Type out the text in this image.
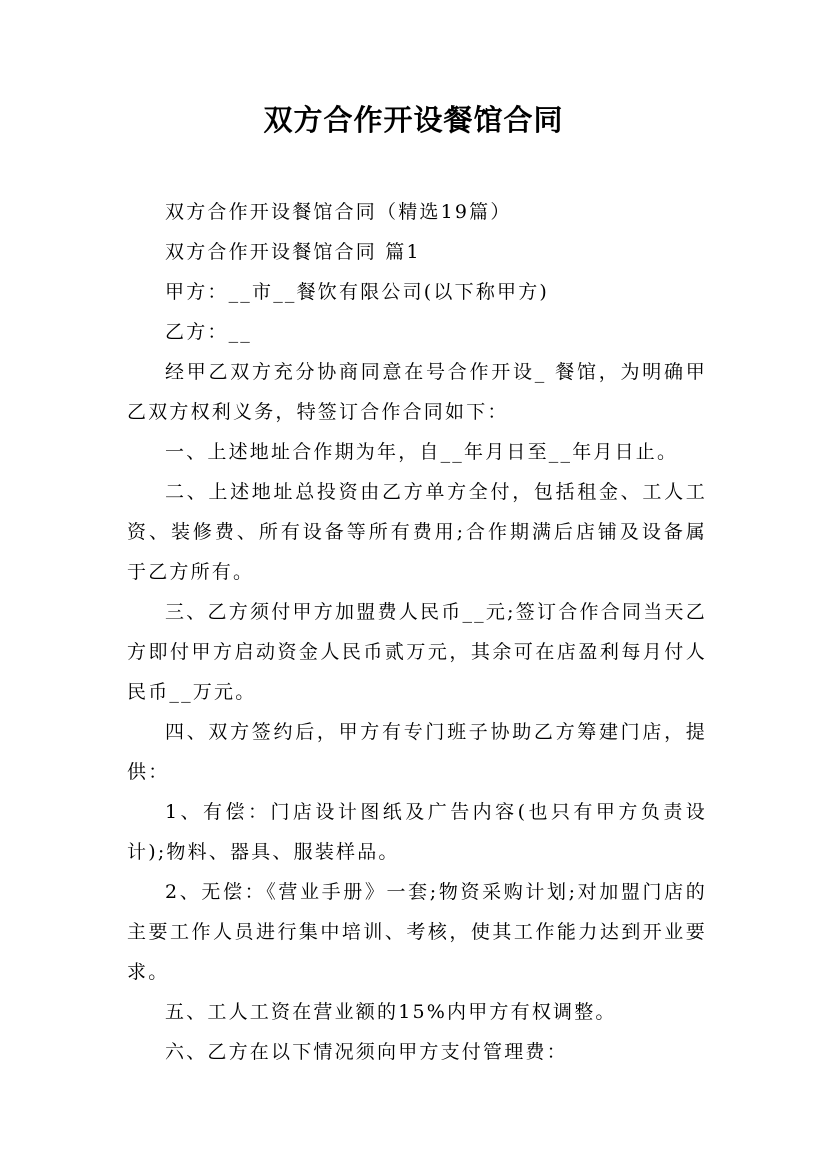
双方合作开设餐馆合同

双方合作开设餐馆合同（精选19篇）

双方合作开设餐馆合同 篇1

甲方：__市__餐饮有限公司(以下称甲方)

乙方：__

经甲乙双方充分协商同意在号合作开设_ 餐馆，为明确甲乙双方权利义务，特签订合作合同如下：

一、上述地址合作期为年，自__年月日至__年月日止。

二、上述地址总投资由乙方单方全付，包括租金、工人工资、装修费、所有设备等所有费用;合作期满后店铺及设备属于乙方所有。

三、乙方须付甲方加盟费人民币__元;签订合作合同当天乙方即付甲方启动资金人民币贰万元，其余可在店盈利每月付人民币__万元。

四、双方签约后，甲方有专门班子协助乙方筹建门店，提供：

1、有偿：门店设计图纸及广告内容(也只有甲方负责设计);物料、器具、服装样品。

2、无偿：《营业手册》一套;物资采购计划;对加盟门店的主要工作人员进行集中培训、考核，使其工作能力达到开业要求。

五、工人工资在营业额的15%内甲方有权调整。

六、乙方在以下情况须向甲方支付管理费：
